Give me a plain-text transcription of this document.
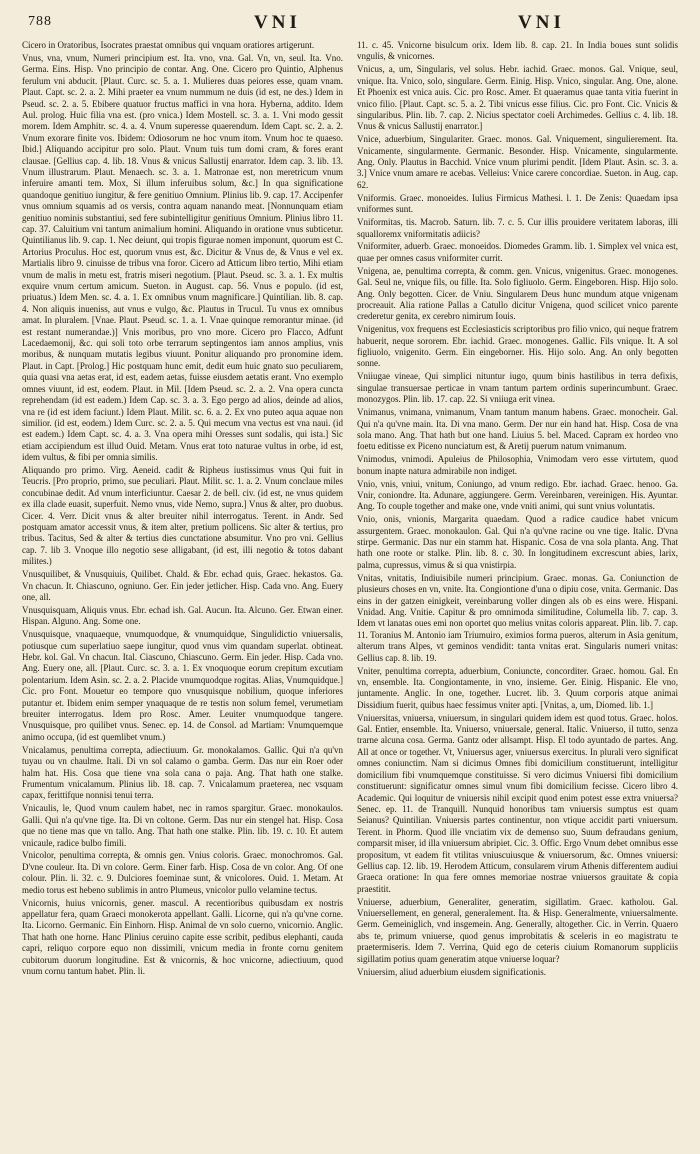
788	VNI	VNI

Cicero in Oratoribus, Isocrates praestat omnibus qui vnquam oratiores artigerunt.

Vnus, vna, vnum, Numeri principium est. Ita. vno, vna. Gal. Vn, vn, seul. Ita. Vno. Germa. Eins. Hisp. Vno principio de contar. Ang. One. Cicero pro Quintio, Alphenus ferulum vni abducit. [Plaut. Curc. sc. 5. a. 1. Mulieres duas peiores esse, quam vnam. Plaut. Capt. sc. 2. a. 2. Mihi praeter ea vnum nummum ne duis (id est, ne des.) Idem in Pseud. sc. 2. a. 5. Ebibere quatuor fructus maffici in vna hora. Hyberna, addito. Idem Aul. prolog. Huic filia vna est. (pro vnica.) Idem Mostell. sc. 3. a. 1. Vni modo gessit morem. Idem Amphitr. sc. 4. a. 4. Vnum superesse quaerendum. Idem Capt. sc. 2. a. 2. Vnum exorare finite vos. Ibidem: Odiosorum ne hoc vnum itom. Vnum hoc te quaeso. Ibid.] Aliquando accipitur pro solo. Plaut. Vnum tuis tum domi cram, & fores erant clausae. [Gellius cap. 4. lib. 18. Vnus & vnicus Sallustij enarrator. Idem cap. 3. lib. 13. Vnum illustrarum. Plaut. Menaech. sc. 3. a. 1. Matronae est, non meretricum vnum inferuire amanti tem. Mox, Si illum inferuibus solum, &c.] In qua significatione quandoque genitiuo iungitur, & fere genitiuo Omnium. Plinius lib. 9. cap. 17. Accipenfer vnus omnium squamis ad os versis, contra aquam nanando meat. [Nonnunquam etiam genitiuo nominis substantiui, sed fere subintelligitur genitiuus Omnium. Plinius libro 11. cap. 37. Caluitium vni tantum animalium homini. Aliquando in oratione vnus subticetur. Quintilianus lib. 9. cap. 1. Nec deiunt, qui tropis figurae nomen imponunt, quorum est C. Artorius Proculus. Hoc est, quorum vnus est, &c. Dicitur & Vnus de, & Vnus e vel ex. Martialis libro 9. cinuisse de tribus vna foror. Cicero ad Atticum libro tertio, Mihi etiam vnum de malis in metu est, fratris miseri negotium. [Plaut. Pseud. sc. 3. a. 1. Ex multis exquire vnum certum amicum. Sueton. in August. cap. 56. Vnus e populo. (id est, priuatus.) Idem Men. sc. 4. a. 1. Ex omnibus vnum magnificare.] Quintilian. lib. 8. cap. 4. Non aliquis inueniss, aut vnus e vulgo, &c. Plautus in Trucul. Tu vnus ex omnibus amat. In pluralem. [Vnae. Plaut. Pseud. sc. 1. a. 1. Vnae quinque remorantur minae. (id est restant numerandae.)] Vnis moribus, pro vno more. Cicero pro Flacco, Adfunt Lacedaemonij, &c. qui soli toto orbe terrarum septingentos iam annos amplius, vnis moribus, & nunquam mutatis legibus viuunt. Ponitur aliquando pro pronomine idem. Plaut. in Capt. [Prolog.] Hic postquam hunc emit, dedit eum huic gnato suo peculiarem, quia quasi vna aetas erat, id est, eadem aetas, fuisse eiusdem aetatis erant. Vno exemplo omnes viuunt, id est, eodem. Plaut. in Mil. [Idem Pseud. sc. 2. a. 2. Vna opera cuncta reprehendam (id est eadem.) Idem Cap. sc. 3. a. 3. Ego pergo ad alios, deinde ad alios, vna re (id est idem faciunt.) Idem Plaut. Milit. sc. 6. a. 2. Ex vno puteo aqua aquae non similior. (id est, eodem.) Idem Curc. sc. 2. a. 5. Qui mecum vna vectus est vna naui. (id est eadem.) Idem Capt. sc. 4. a. 3. Vna opera mihi Oresses sunt sodalis, qui ista.] Sic etiam accipiendum est illud Ouid. Metam. Vnus erat toto naturae vultus in orbe, id est, idem vultus, & fibi per omnia similis.

Aliquando pro primo. Virg. Aeneid. cadit & Ripheus iustissimus vnus Qui fuit in Teucris. [Pro proprio, primo, sue peculiari. Plaut. Milit. sc. 1. a. 2. Vnum conclaue miles concubinae dedit. Ad vnum interficiuntur. Caesar 2. de bell. civ. (id est, ne vnus quidem ex illa clade euasit, superfuit. Nemo vnus, vide Nemo, supra.] Vnus & alter, pro duobus. Cicer. 4. Verr. Dicit vnus & alter breuiter nihil interrogatus. Terent. in Andr. Sed postquam amator accessit vnus, & item alter, pretium pollicens. Sic alter & tertius, pro tribus. Tacitus, Sed & alter & tertius dies cunctatione absumitur. Vno pro vni. Gellius cap. 7. lib 3. Vnoque illo negotio sese alligabant, (id est, illi negotio & totos dabant milites.)

Vnusquilibet, & Vnusquiuis, Quilibet. Chald. & Ebr. echad quis, Graec. hekastos. Ga. Vn chacun. It. Chiascuno, ogniuno. Ger. Ein jeder jetlicher. Hisp. Cada vno. Ang. Euery one, all.

Vnusquisquam, Aliquis vnus. Ebr. echad ish. Gal. Aucun. Ita. Alcuno. Ger. Etwan einer. Hispan. Alguno. Ang. Some one.

Vnusquisque, vnaquaeque, vnumquodque, & vnumquidque, Singulidictio vniuersalis, potiusque cum superlatiuo saepe iungitur, quod vnus vim quandam superlat. obtineat. Hebr. kol. Gal. Vn chacun. Ital. Ciascuno, Chiascuno. Germ. Ein jeder. Hisp. Cada vno. Ang. Euery one, all. [Plaut. Curc. sc. 3. a. 1. Ex vnoquoque eorum crepitum excutiam polentarium. Idem Asin. sc. 2. a. 2. Placide vnumquodque rogitas. Alias, Vnumquidque.] Cic. pro Font. Mouetur eo tempore quo vnusquisque nobilium, quoque inferiores putantur et. Ibidem enim semper ynaquaque de re testis non solum femel, verumetiam breuiter interrogatus. Idem pro Rosc. Amer. Leuiter vnumquodque tangere. Vnusquisque, pro quilibet vnus. Senec. ep. 14. de Consol. ad Martiam: Vnumquemque animo occupa, (id est quemlibet vnum.)

Vnicalamus, penultima correpta, adiectiuum. Gr. monokalamos. Gallic. Qui n'a qu'vn tuyau ou vn chaulme. Itali. Di vn sol calamo o gamba. Germ. Das nur ein Roer oder halm hat. His. Cosa que tiene vna sola cana o paja. Ang. That hath one stalke. Frumentum vnicalamum. Plinius lib. 18. cap. 7. Vnicalamum praeterea, nec vsquam capax, ferittifque nonnisi tenui terra.

Vnicaulis, le, Quod vnum caulem habet, nec in ramos spargitur. Graec. monokaulos. Galli. Qui n'a qu'vne tige. Ita. Di vn coltone. Germ. Das nur ein stengel hat. Hisp. Cosa que no tiene mas que vn tallo. Ang. That hath one stalke. Plin. lib. 19. c. 10. Et autem vnicaule, radice bulbo fimili.

Vnicolor, penultima correpta, & omnis gen. Vnius coloris. Graec. monochromos. Gal. D'vne couleur. Ita. Di vn colore. Germ. Einer farb. Hisp. Cosa de vn color. Ang. Of one colour. Plin. li. 32. c. 9. Dulciores foeminae sunt, & vnicolores. Ouid. 1. Metam. At medio torus est hebeno sublimis in antro Plumeus, vnicolor pullo velamine tectus.

Vnicornis, huius vnicornis, gener. mascul. A recentioribus quibusdam ex nostris appellatur fera, quam Graeci monokerota appellant. Galli. Licorne, qui n'a qu'vne corne. Ita. Licorno. Germanic. Ein Einhorn. Hisp. Animal de vn solo cuerno, vnicornio. Anglic. That hath one horne. Hanc Plinius ceruino capite esse scribit, pedibus elephanti, cauda capri, reliquo corpore equo non dissimili, vnicum media in fronte cornu genitem cubitorum duorum longitudine. Est & vnicornis, & hoc vnicorne, adiectiuum, quod vnum cornu tantum habet. Plin. li.

11. c. 45. Vnicorne bisulcum orix. Idem lib. 8. cap. 21. In India boues sunt solidis vngulis, & vnicornes.

Vnicus, a, um, Singularis, vel solus. Hebr. iachid. Graec. monos. Gal. Vnique, seul, vnique. Ita. Vnico, solo, singulare. Germ. Einig. Hisp. Vnico, singular. Ang. One, alone. Et Phoenix est vnica auis. Cic. pro Rosc. Amer. Et quaeramus quae tanta vitia fuerint in vnico filio. [Plaut. Capt. sc. 5. a. 2. Tibi vnicus esse filius. Cic. pro Font. Cic. Vnicis & singularibus. Plin. lib. 7. cap. 2. Nicius spectator coeli Archimedes. Gellius c. 4. lib. 18. Vnus & vnicus Sallustij enarrator.]

Vnice, aduerbium, Singulariter. Graec. monos. Gal. Vniquement, singulierement. Ita. Vnicamente, singularmente. Germanic. Besonder. Hisp. Vnicamente, singularmente. Ang. Only. Plautus in Bacchid. Vnice vnum plurimi pendit. [Idem Plaut. Asin. sc. 3. a. 3.] Vnice vnum amare re acebas. Velleius: Vnice carere concordiae. Sueton. in Aug. cap. 62.

Vniformis. Graec. monoeides. Iulius Firmicus Mathesi. l. 1. De Zenis: Quaedam ipsa vniformes sunt.

Vniformitas, tis. Macrob. Saturn. lib. 7. c. 5. Cur illis prouidere veritatem laboras, illi squalloremx vniformitatis adiicis?

Vniformiter, aduerb. Graec. monoeidos. Diomedes Gramm. lib. 1. Simplex vel vnica est, quae per omnes casus vniformiter currit.

Vnigena, ae, penultima correpta, & comm. gen. Vnicus, vnigenitus. Graec. monogenes. Gal. Seul ne, vnique fils, ou fille. Ita. Solo figliuolo. Germ. Eingeboren. Hisp. Hijo solo. Ang. Only begotten. Cicer. de Vniu. Singularem Deus hunc mundum atque vnigenam procreauit. Alia ratione Pallas a Catullo dicitur Vnigena, quod scilicet vnico parente crederetur genita, ex cerebro nimirum Iouis.

Vnigenitus, vox frequens est Ecclesiasticis scriptoribus pro filio vnico, qui neque fratrem habuerit, neque sororem. Ebr. iachid. Graec. monogenes. Gallic. Fils vnique. It. A sol figliuolo, vnigenito. Germ. Ein eingeborner. His. Hijo solo. Ang. An only begotten sonne.

Vniiugae vineae, Qui simplici nituntur iugo, quum binis hastilibus in terra defixis, singulae transuersae perticae in vnam tantum partem ordinis superincumbunt. Graec. monozygos. Plin. lib. 17. cap. 22. Si vniiuga erit vinea.

Vnimanus, vnimana, vnimanum, Vnam tantum manum habens. Graec. monocheir. Gal. Qui n'a qu'vne main. Ita. Di vna mano. Germ. Der nur ein hand hat. Hisp. Cosa de vna sola mano. Ang. That hath but one hand. Liuius 5. bel. Maced. Capram ex hordeo vno foetu editisse ex Piceno nunciatum est, & Aretij puerum natum vnimanum.

Vnimodus, vnimodi. Apuleius de Philosophia, Vnimodam vero esse virtutem, quod bonum inapte natura admirabile non indiget.

Vnio, vnis, vniui, vnitum, Coniungo, ad vnum redigo. Ebr. iachad. Graec. henoo. Ga. Vnir, coniondre. Ita. Adunare, aggiungere. Germ. Vereinbaren, vereinigen. His. Ayuntar. Ang. To couple together and make one, vnde vniti animi, qui sunt vnius voluntatis.

Vnio, onis, vnionis, Margarita quaedam. Quod a radice caudice habet vnicum assurgentem. Graec. monokaulon. Gal. Qui n'a qu'vne racine ou vne tige. Italic. D'vna stirpe. Germanic. Das nur ein stamm hat. Hispanic. Cosa de vna sola planta. Ang. That hath one roote or stalke. Plin. lib. 8. c. 30. In longitudinem excrescunt abies, larix, palma, cupressus, vimus & si qua vnistirpia.

Vnitas, vnitatis, Indiuisibile numeri principium. Graec. monas. Ga. Coniunction de plusieurs choses en vn, vnite. Ita. Congiontione d'una o dipiu cose, vnita. Germanic. Das eins in der gatzen einigkeit, vereinbarung voller dingen als ob es eins were. Hispani. Vnidad. Ang. Vnitie. Capitur & pro omnimoda similitudine, Columella lib. 7. cap. 3. Idem vt lanatas oues emi non oportet quo melius vnitas coloris appareat. Plin. lib. 7. cap. 11. Toranius M. Antonio iam Triumuiro, eximios forma pueros, alterum in Asia genitum, alterum trans Alpes, vt geminos vendidit: tanta vnitas erat. Singularis numeri vnitas: Gellius cap. 8. lib. 19.

Vniter, penultima correpta, aduerbium, Coniuncte, concorditer. Graec. homou. Gal. En vn, ensemble. Ita. Congiontamente, in vno, insieme. Ger. Einig. Hispanic. Ele vno, juntamente. Anglic. In one, together. Lucret. lib. 3. Quum corporis atque animai Dissidium fuerit, quibus haec fessimus vniter apti. [Vnitas, a, um, Diomed. lib. 1.]

Vniuersitas, vniuersa, vniuersum, in singulari quidem idem est quod totus. Graec. holos. Gal. Entier, ensemble. Ita. Vniuerso, vniuersale, general. Italic. Vniuerso, il tutto, senza trarne alcuna cosa. Germa. Gantz oder allsampt. Hisp. El todo ayuntado de partes. Ang. All at once or together. Vt, Vniuersus ager, vniuersus exercitus. In plurali vero significat omnes coniunctim. Nam si dicimus Omnes fibi domicilium constituerunt, intelligitur domicilium fibi vnumquemque constituisse. Si vero dicimus Vniuersi fibi domicilium constituerunt: significatur omnes simul vnum fibi domicilium fecisse. Cicero libro 4. Academic. Qui loquitur de vniuersis nihil excipit quod enim potest esse extra vniuersa? Senec. ep. 11. de Tranquill. Nunquid honoribus tam vniuersis sumptus est quam Seianus? Quintilian. Vniuersis partes continentur, non vtique accidit parti vniuersum. Terent. in Phorm. Quod ille vnciatim vix de demenso suo, Suum defraudans genium, comparsit miser, id illa vniuersum abripiet. Cic. 3. Offic. Ergo Vnum debet omnibus esse propositum, vt eadem fit vtilitas vniuscuiusque & vniuersorum, &c. Omnes vniuersi: Gellius cap. 12. lib. 19. Herodem Atticum, consularem virum Athenis differentem audiui Graeca oratione: In qua fere omnes memoriae nostrae vniuersos grauitate & copia praestitit.

Vniuerse, aduerbium, Generaliter, generatim, sigillatim. Graec. katholou. Gal. Vniuersellement, en general, generalement. Ita. & Hisp. Generalmente, vniuersalmente. Germ. Gemeiniglich, vnd insgemein. Ang. Generally, altogether. Cic. in Verrin. Quaero abs te, primum vniuerse, quod genus improbitatis & sceleris in eo magistratu te praetermiseris. Idem 7. Verrina, Quid ego de ceteris ciuium Romanorum suppliciis sigillatim potius quam generatim atque vniuerse loquar?

Vniuersim, aliud aduerbium eiusdem significationis.
